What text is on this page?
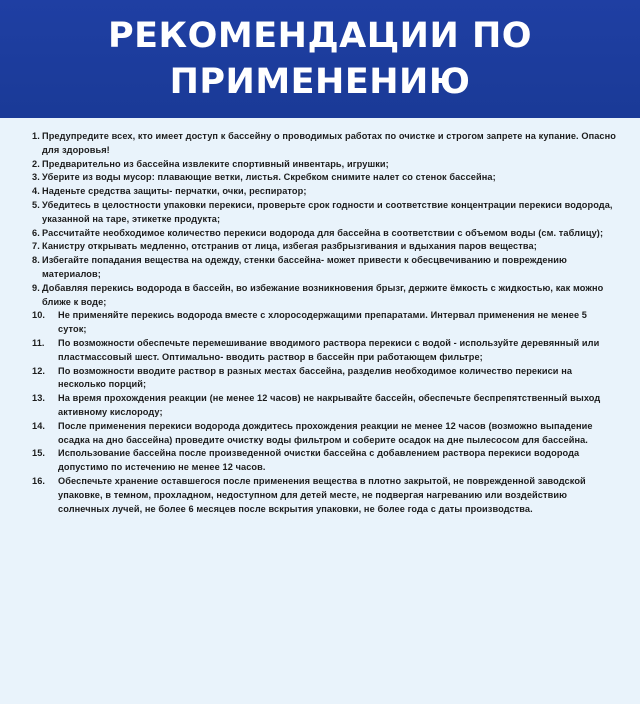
РЕКОМЕНДАЦИИ ПО
ПРИМЕНЕНИЮ
1. Предупредите всех, кто имеет доступ к бассейну о проводимых работах по очистке и строгом запрете на купание. Опасно для здоровья!
2. Предварительно из бассейна извлеките спортивный инвентарь, игрушки;
3. Уберите из воды мусор: плавающие ветки, листья. Скребком снимите налет со стенок бассейна;
4. Наденьте средства защиты- перчатки, очки, респиратор;
5. Убедитесь в целостности упаковки перекиси, проверьте срок годности и соответствие концентрации перекиси водорода, указанной на таре, этикетке продукта;
6. Рассчитайте необходимое количество перекиси водорода для бассейна в соответствии с объемом воды (см. таблицу);
7. Канистру открывать медленно, отстранив от лица, избегая разбрызгивания и вдыхания паров вещества;
8. Избегайте попадания вещества на одежду, стенки бассейна- может привести к обесцвечиванию и повреждению материалов;
9. Добавляя перекись водорода в бассейн, во избежание возникновения брызг, держите ёмкость с жидкостью, как можно ближе к воде;
10.	Не применяйте перекись водорода вместе с хлоросодержащими препаратами. Интервал применения не менее 5 суток;
11.	По возможности обеспечьте перемешивание вводимого раствора перекиси с водой - используйте деревянный или пластмассовый шест. Оптимально- вводить раствор в бассейн при работающем фильтре;
12.	По возможности вводите раствор в разных местах бассейна, разделив необходимое количество перекиси на несколько порций;
13.	На время прохождения реакции (не менее 12 часов) не накрывайте бассейн, обеспечьте беспрепятственный выход активному кислороду;
14.	После применения перекиси водорода дождитесь прохождения реакции не менее 12 часов (возможно выпадение осадка на дно бассейна) проведите очистку воды фильтром и соберите осадок на дне пылесосом для бассейна.
15.	Использование бассейна после произведенной очистки бассейна с добавлением раствора перекиси водорода допустимо по истечению не менее 12 часов.
16.	Обеспечьте хранение оставшегося после применения вещества в плотно закрытой, не поврежденной заводской упаковке, в темном, прохладном, недоступном для детей месте, не подвергая нагреванию или воздействию солнечных лучей, не более 6 месяцев после вскрытия упаковки, не более года с даты производства.
